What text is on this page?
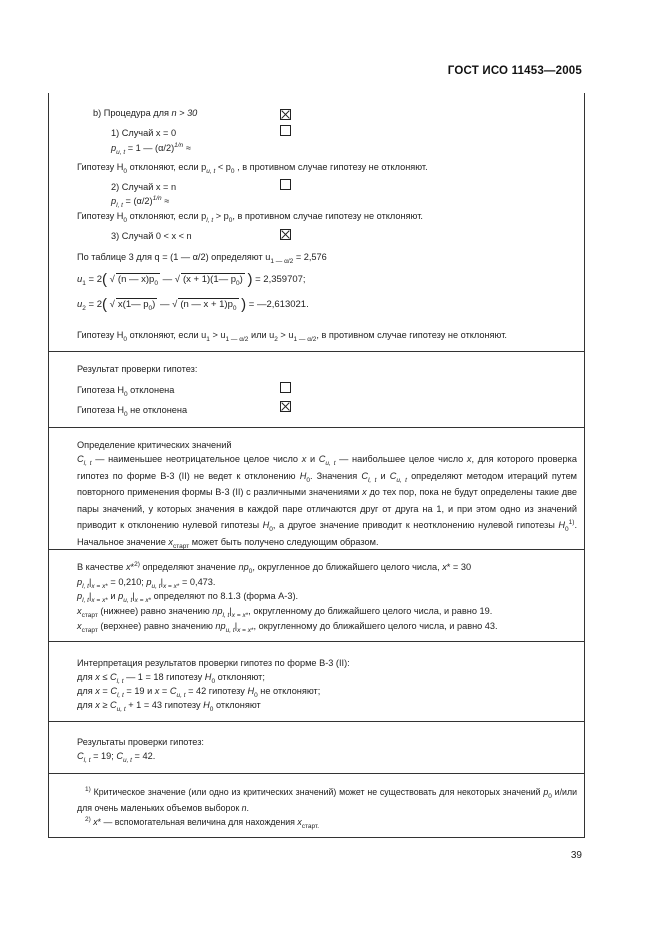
ГОСТ ИСО 11453—2005
b) Процедура для n > 30
1) Случай x = 0
$p_{u, t} = 1$ — $(\alpha/2)^{1/n}$ ≈
Гипотезу $H_0$ отклоняют, если $p_{u, t} < p_0$ , в противном случае гипотезу не отклоняют.
2) Случай x = n
$p_{l, t} = (\alpha/2)^{1/n}$ ≈
Гипотезу $H_0$ отклоняют, если $p_{l, t} > p_0$, в противном случае гипотезу не отклоняют.
3) Случай 0 < x < n
По таблице 3 для q = (1 — α/2) определяют $u_{1 — \alpha/2} = 2,576$
$u_1 = 2$( √ (n — $x)p_0$ — √ (x + 1)(1— $p_0$) ) = 2,359707;
$u_2 = 2$( √ x(1— $p_0$) — √ (n — $x + 1)p_0$ ) = —2,613021.
Гипотезу $H_0$ отклоняют, если $u_1 > u_{1 — \alpha/2}$ или $u_2 > u_{1 — \alpha/2}$, в противном случае гипотезу не отклоняют.
Результат проверки гипотез:
Гипотеза $H_0$ отклонена
Гипотеза $H_0$ не отклонена
Определение критических значений
$C_{l, t}$ — наименьшее неотрицательное целое число x и $C_{u, t}$ — наибольшее целое число x, для которого проверка гипотез по форме В-3 (II) не ведет к отклонению $H_0$. Значения $C_{l, t}$ и $C_{u, t}$ определяют методом итераций путем повторного применения формы В-3 (II) с различными значениями x до тех пор, пока не будут определены такие две пары значений, у которых значения в каждой паре отличаются друг от друга на 1, и при этом одно из значений приводит к отклонению нулевой гипотезы $H_0$, а другое значение приводит к неотклонению нулевой гипотезы $H_0^{1)}$. Начальное значение $x_{старт}$ может быть получено следующим образом.
В качестве x*$^{2)}$ определяют значение $np_0$, округленное до ближайшего целого числа, x* = 30
$p_{l, t}|_{x = x*} = 0,210$; $p_{u, t}|_{x = x*} = 0,473$.
$p_{l, t}|_{x = x*}$ и $p_{u, t}|_{x = x*}$ определяют по 8.1.3 (форма А-3).
$x_{старт}$ (нижнее) равно значению $np_{l, t}|_{x = x*}$, округленному до ближайшего целого числа, и равно 19.
$x_{старт}$ (верхнее) равно значению $np_{u, t}|_{x = x*}$, округленному до ближайшего целого числа, и равно 43.
Интерпретация результатов проверки гипотез по форме В-3 (II):
для $x \le C_{l, t}$ — 1 = 18 гипотезу $H_0$ отклоняют;
для $x = C_{l, t} = 19$ и $x = C_{u, t} = 42$ гипотезу $H_0$ не отклоняют;
для $x \ge C_{u, t} + 1 = 43$ гипотезу $H_0$ отклоняют
Результаты проверки гипотез:
$C_{l, t} = 19$; $C_{u, t} = 42$.
$^{1)}$ Критическое значение (или одно из критических значений) может не существовать для некоторых значений $p_0$ и/или для очень маленьких объемов выборок n.
$^{2)}$ x* — вспомогательная величина для нахождения $x_{старт.}$
39
